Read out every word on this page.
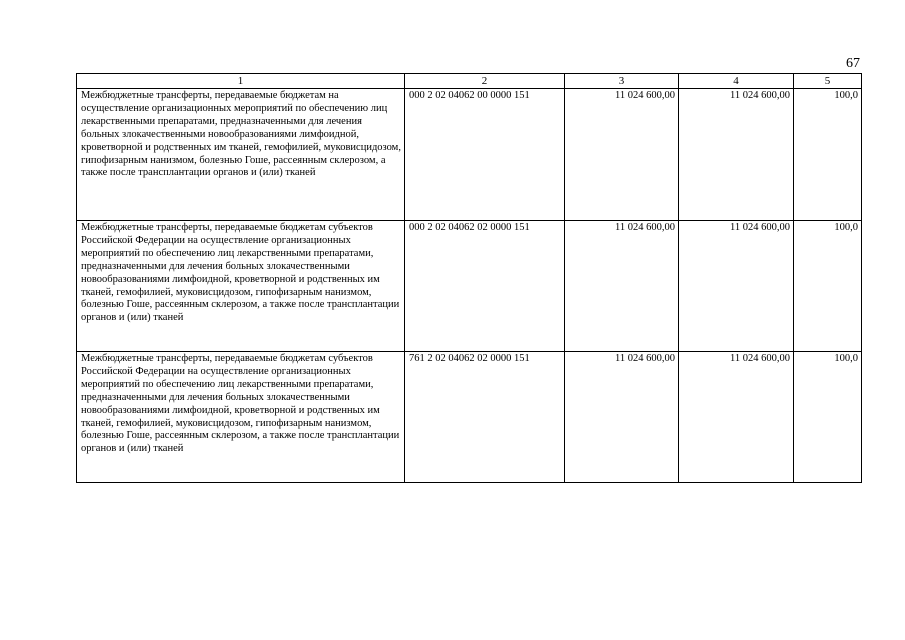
67
1	2	3	4	5
Межбюджетные трансферты, передаваемые бюджетам на осуществление организационных мероприятий по обеспечению лиц лекарственными препаратами, предназначенными для лечения больных злокачественными новообразованиями лимфоидной, кроветворной и родственных им тканей, гемофилией, муковисцидозом, гипофизарным нанизмом, болезнью Гоше, рассеянным склерозом, а также после трансплантации органов и (или) тканей	000 2 02 04062 00 0000 151	11 024 600,00	11 024 600,00	100,0
Межбюджетные трансферты, передаваемые бюджетам субъектов Российской Федерации на осуществление организационных мероприятий по обеспечению лиц лекарственными препаратами, предназначенными для лечения больных злокачественными новообразованиями лимфоидной, кроветворной и родственных им тканей, гемофилией, муковисцидозом, гипофизарным нанизмом, болезнью Гоше, рассеянным склерозом, а также после трансплантации органов и (или) тканей	000 2 02 04062 02 0000 151	11 024 600,00	11 024 600,00	100,0
Межбюджетные трансферты, передаваемые бюджетам субъектов Российской Федерации на осуществление организационных мероприятий по обеспечению лиц лекарственными препаратами, предназначенными для лечения больных злокачественными новообразованиями лимфоидной, кроветворной и родственных им тканей, гемофилией, муковисцидозом, гипофизарным нанизмом, болезнью Гоше, рассеянным склерозом, а также после трансплантации органов и (или) тканей	761 2 02 04062 02 0000 151	11 024 600,00	11 024 600,00	100,0
